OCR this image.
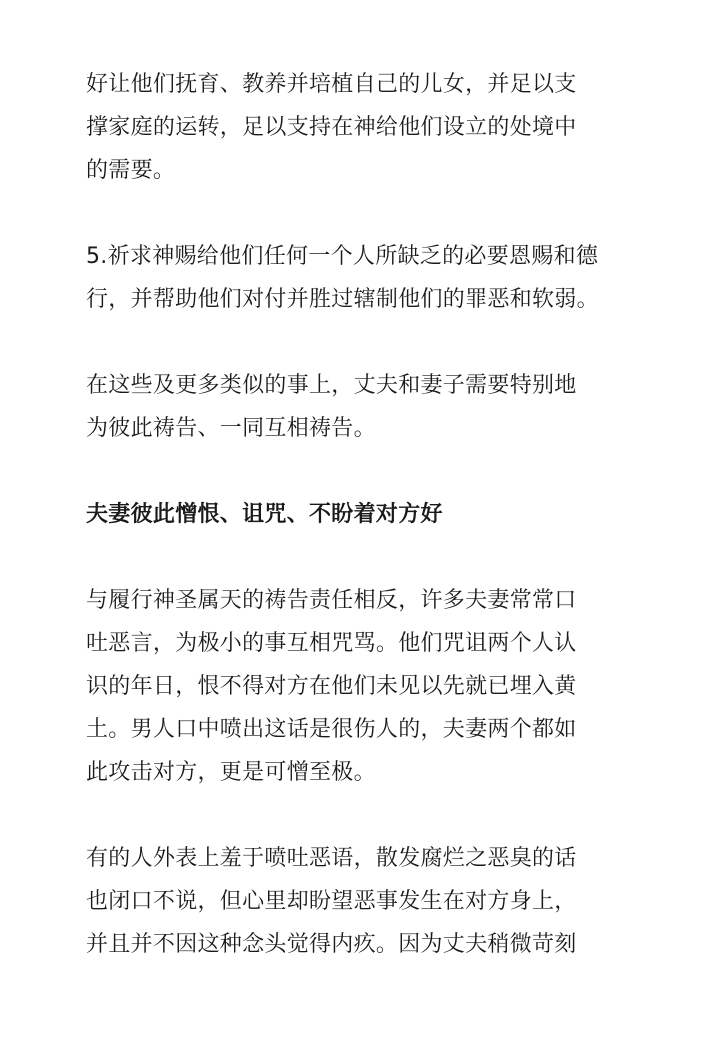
好让他们抚育、教养并培植自己的儿女，并足以支
撑家庭的运转，足以支持在神给他们设立的处境中
的需要。

5.祈求神赐给他们任何一个人所缺乏的必要恩赐和德
行，并帮助他们对付并胜过辖制他们的罪恶和软弱。

在这些及更多类似的事上，丈夫和妻子需要特别地
为彼此祷告、一同互相祷告。

夫妻彼此憎恨、诅咒、不盼着对方好

与履行神圣属天的祷告责任相反，许多夫妻常常口
吐恶言，为极小的事互相咒骂。他们咒诅两个人认
识的年日，恨不得对方在他们未见以先就已埋入黄
土。男人口中喷出这话是很伤人的，夫妻两个都如
此攻击对方，更是可憎至极。

有的人外表上羞于喷吐恶语，散发腐烂之恶臭的话
也闭口不说，但心里却盼望恶事发生在对方身上，
并且并不因这种念头觉得内疚。因为丈夫稍微苛刻
